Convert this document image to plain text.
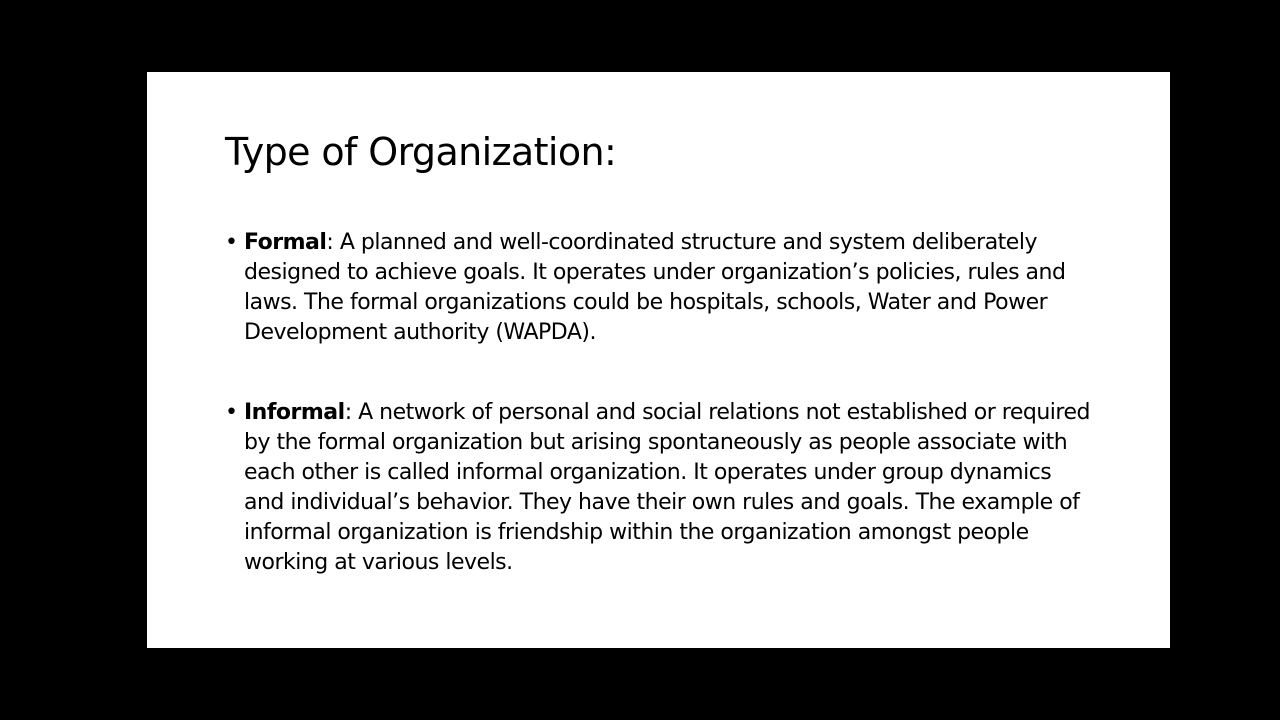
Type of Organization:
• Formal: A planned and well-coordinated structure and system deliberately designed to achieve goals. It operates under organization’s policies, rules and laws. The formal organizations could be hospitals, schools, Water and Power Development authority (WAPDA).
• Informal: A network of personal and social relations not established or required by the formal organization but arising spontaneously as people associate with each other is called informal organization. It operates under group dynamics and individual’s behavior. They have their own rules and goals. The example of informal organization is friendship within the organization amongst people working at various levels.
